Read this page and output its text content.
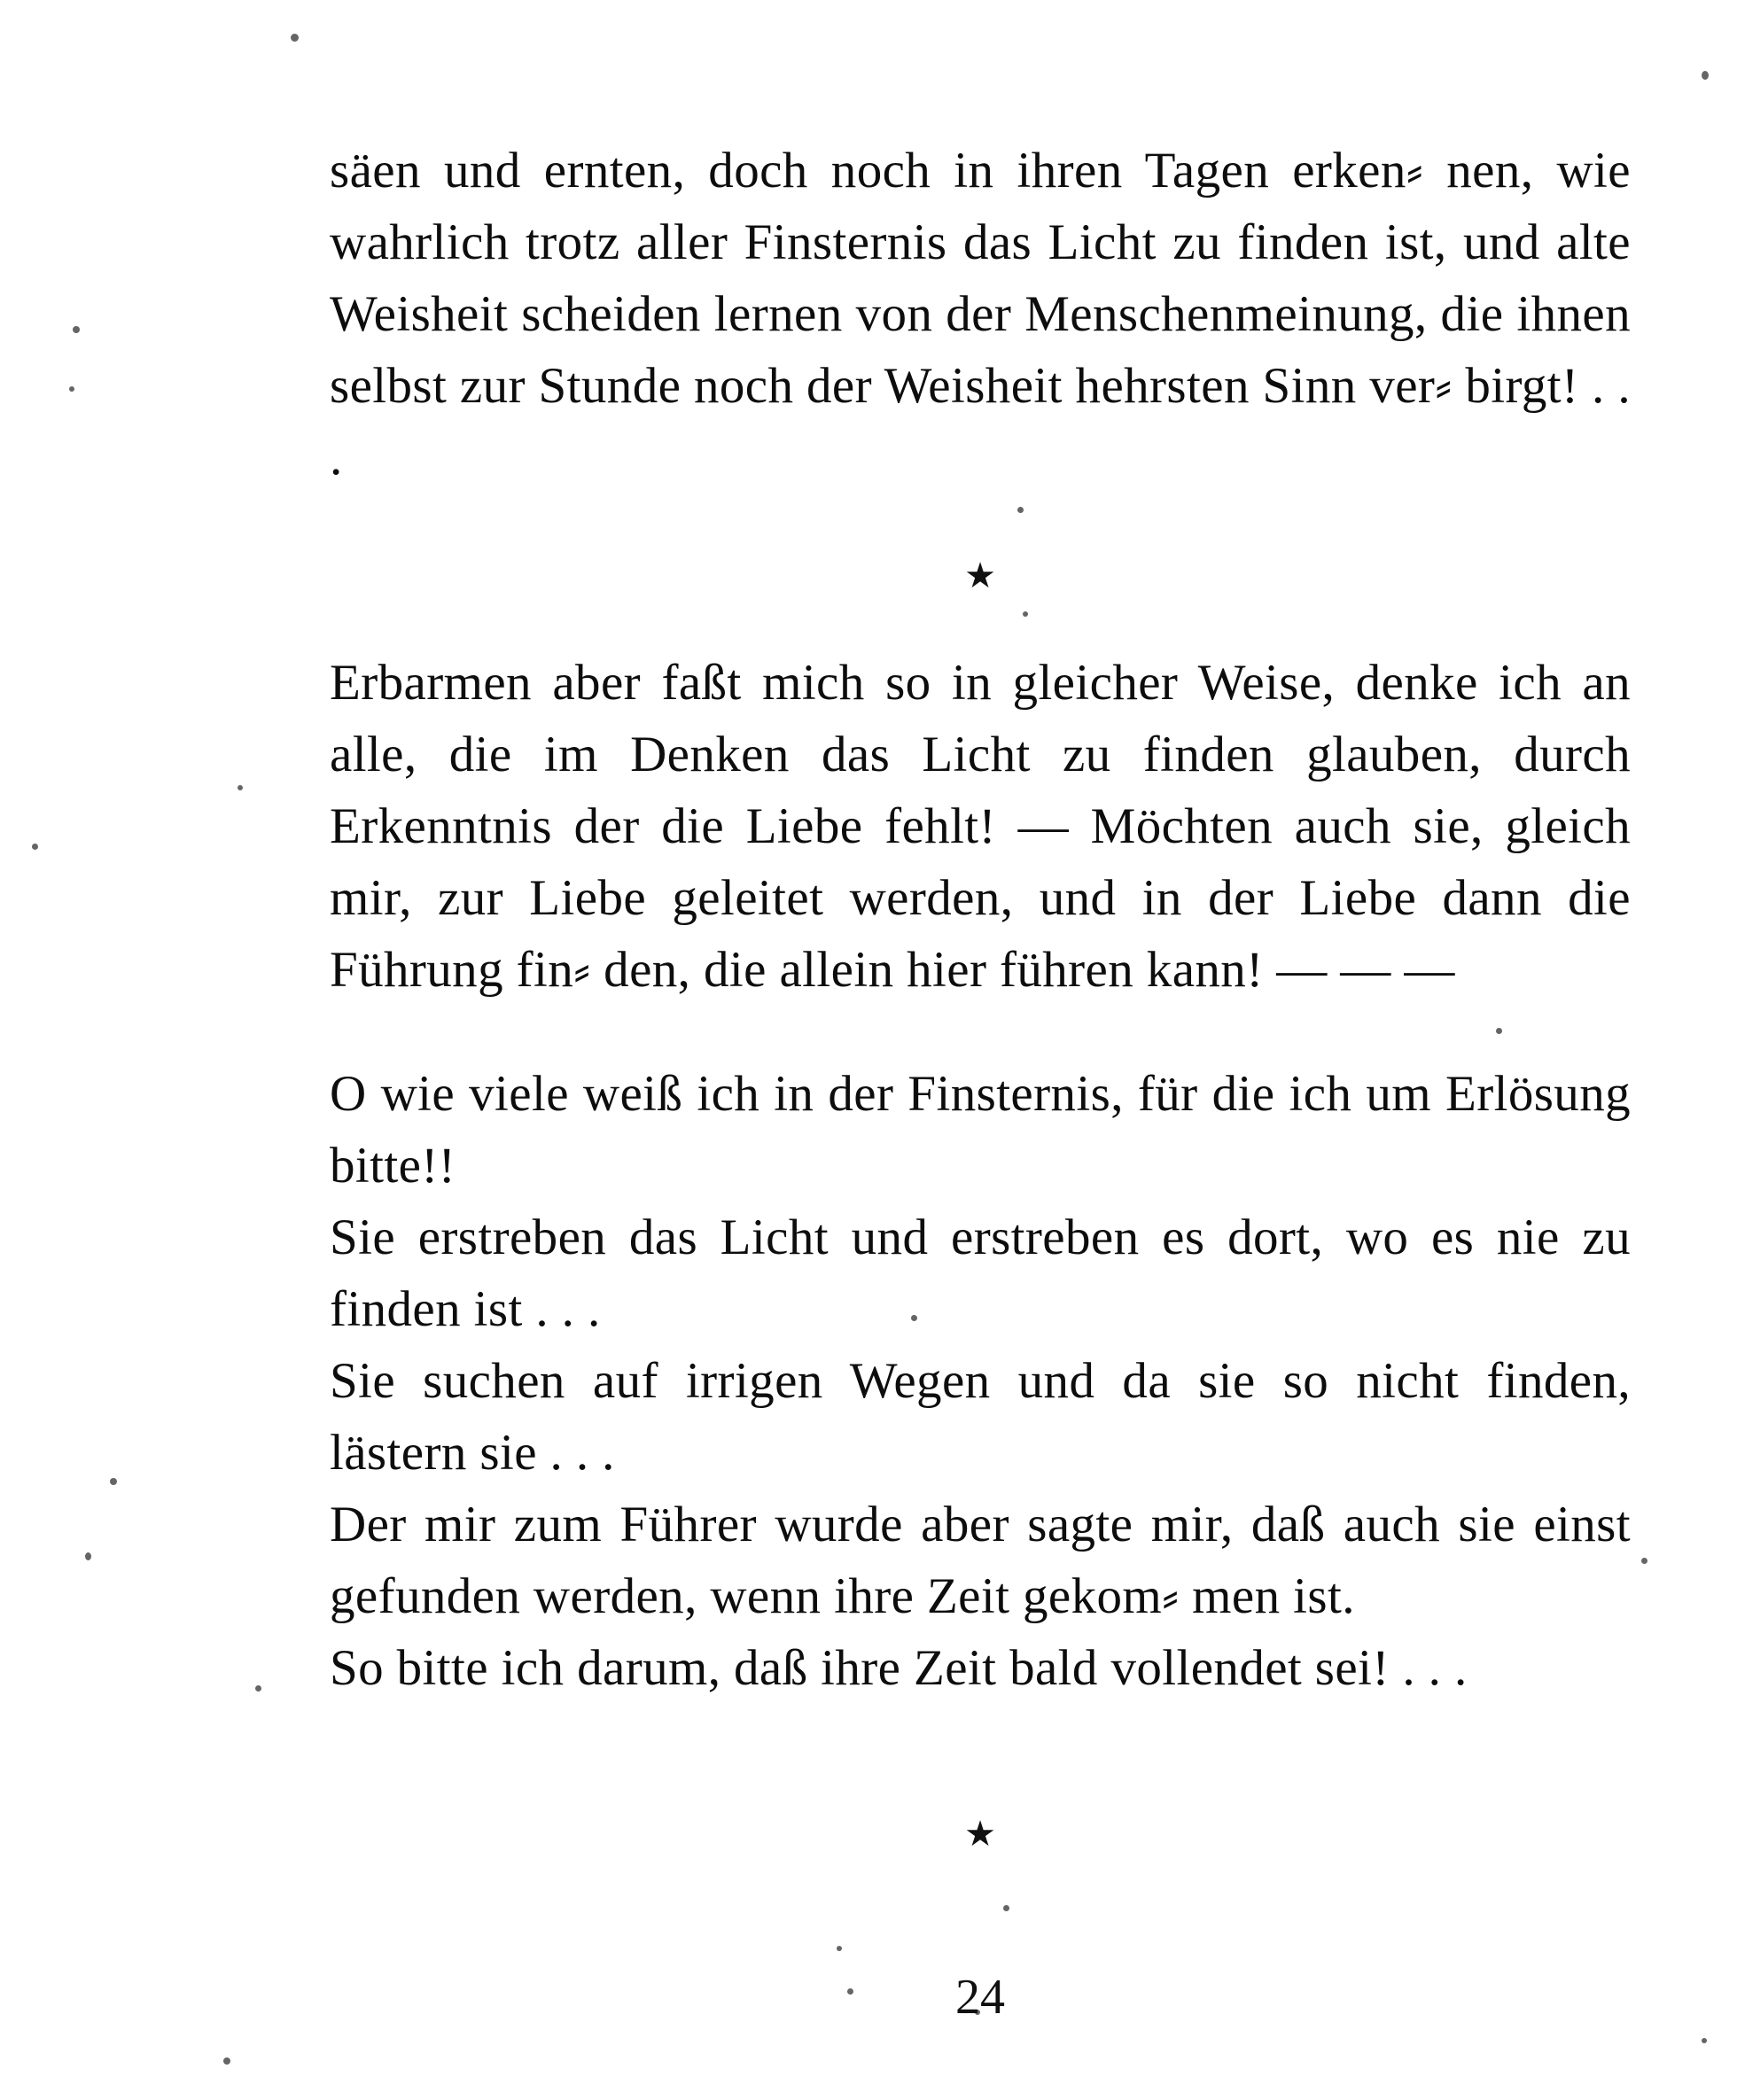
säen und ernten, doch noch in ihren Tagen erken⸗ nen, wie wahrlich trotz aller Finsternis das Licht zu finden ist, und alte Weisheit scheiden lernen von der Menschenmeinung, die ihnen selbst zur Stunde noch der Weisheit hehrsten Sinn ver⸗ birgt! . . .

★

Erbarmen aber faßt mich so in gleicher Weise, denke ich an alle, die im Denken das Licht zu finden glauben, durch Erkenntnis der die Liebe fehlt! — Möchten auch sie, gleich mir, zur Liebe geleitet werden, und in der Liebe dann die Führung fin⸗ den, die allein hier führen kann! — — —

O wie viele weiß ich in der Finsternis, für die ich um Erlösung bitte!!

Sie erstreben das Licht und erstreben es dort, wo es nie zu finden ist . . .

Sie suchen auf irrigen Wegen und da sie so nicht finden, lästern sie . . .

Der mir zum Führer wurde aber sagte mir, daß auch sie einst gefunden werden, wenn ihre Zeit gekom⸗ men ist.

So bitte ich darum, daß ihre Zeit bald vollendet sei! . . .

★
24
